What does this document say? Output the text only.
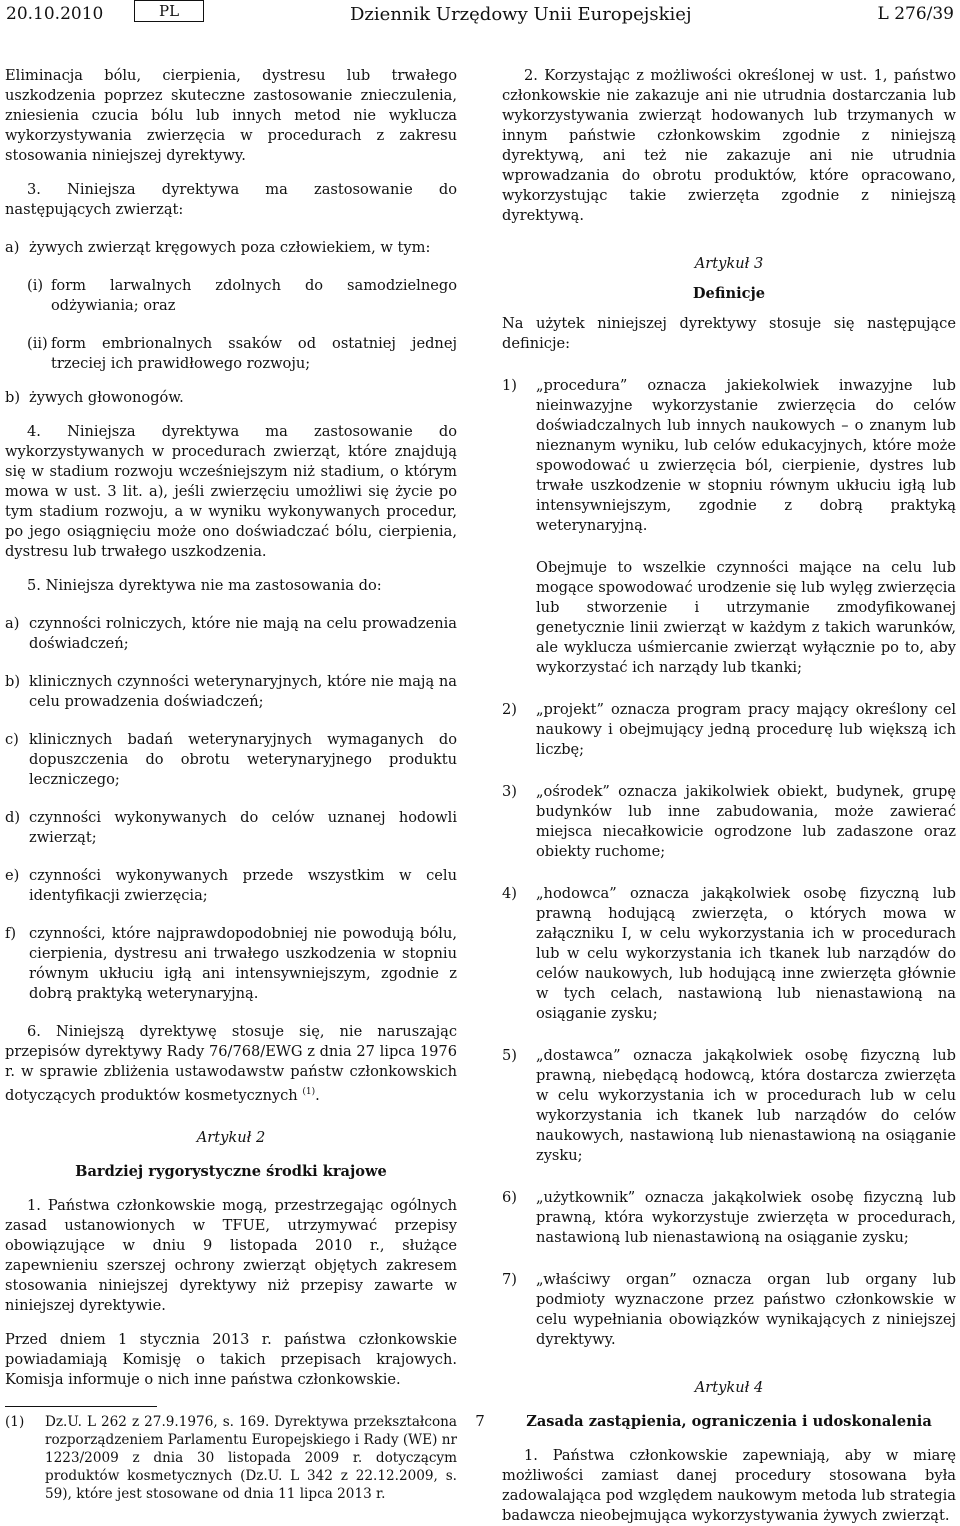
20.10.2010	PL	Dziennik Urzędowy Unii Europejskiej	L 276/39

Eliminacja bólu, cierpienia, dystresu lub trwałego uszkodzenia poprzez skuteczne zastosowanie znieczulenia, zniesienia czucia bólu lub innych metod nie wyklucza wykorzystywania zwierzęcia w procedurach z zakresu stosowania niniejszej dyrektywy.

3. Niniejsza dyrektywa ma zastosowanie do następujących zwierząt:

a) żywych zwierząt kręgowych poza człowiekiem, w tym:
(i) form larwalnych zdolnych do samodzielnego odżywiania; oraz
(ii) form embrionalnych ssaków od ostatniej jednej trzeciej ich prawidłowego rozwoju;
b) żywych głowonogów.

4. Niniejsza dyrektywa ma zastosowanie do wykorzystywanych w procedurach zwierząt, które znajdują się w stadium rozwoju wcześniejszym niż stadium, o którym mowa w ust. 3 lit. a), jeśli zwierzęciu umożliwi się życie po tym stadium rozwoju, a w wyniku wykonywanych procedur, po jego osiągnięciu może ono doświadczać bólu, cierpienia, dystresu lub trwałego uszkodzenia.

5. Niniejsza dyrektywa nie ma zastosowania do:

a) czynności rolniczych, które nie mają na celu prowadzenia doświadczeń;
b) klinicznych czynności weterynaryjnych, które nie mają na celu prowadzenia doświadczeń;
c) klinicznych badań weterynaryjnych wymaganych do dopuszczenia do obrotu weterynaryjnego produktu leczniczego;
d) czynności wykonywanych do celów uznanej hodowli zwierząt;
e) czynności wykonywanych przede wszystkim w celu identyfikacji zwierzęcia;
f) czynności, które najprawdopodobniej nie powodują bólu, cierpienia, dystresu ani trwałego uszkodzenia w stopniu równym ukłuciu igłą ani intensywniejszym, zgodnie z dobrą praktyką weterynaryjną.

6. Niniejszą dyrektywę stosuje się, nie naruszając przepisów dyrektywy Rady 76/768/EWG z dnia 27 lipca 1976 r. w sprawie zbliżenia ustawodawstw państw członkowskich dotyczących produktów kosmetycznych $^{(1)}$.

Artykuł 2

Bardziej rygorystyczne środki krajowe

1. Państwa członkowskie mogą, przestrzegając ogólnych zasad ustanowionych w TFUE, utrzymywać przepisy obowiązujące w dniu 9 listopada 2010 r., służące zapewnieniu szerszej ochrony zwierząt objętych zakresem stosowania niniejszej dyrektywy niż przepisy zawarte w niniejszej dyrektywie.

Przed dniem 1 stycznia 2013 r. państwa członkowskie powiadamiają Komisję o takich przepisach krajowych. Komisja informuje o nich inne państwa członkowskie.

(1)	Dz.U. L 262 z 27.9.1976, s. 169. Dyrektywa przekształcona rozporządzeniem Parlamentu Europejskiego i Rady (WE) nr 1223/2009 z dnia 30 listopada 2009 r. dotyczącym produktów kosmetycznych (Dz.U. L 342 z 22.12.2009, s. 59), które jest stosowane od dnia 11 lipca 2013 r.

2. Korzystając z możliwości określonej w ust. 1, państwo członkowskie nie zakazuje ani nie utrudnia dostarczania lub wykorzystywania zwierząt hodowanych lub trzymanych w innym państwie członkowskim zgodnie z niniejszą dyrektywą, ani też nie zakazuje ani nie utrudnia wprowadzania do obrotu produktów, które opracowano, wykorzystując takie zwierzęta zgodnie z niniejszą dyrektywą.

Artykuł 3

Definicje

Na użytek niniejszej dyrektywy stosuje się następujące definicje:

1)	„procedura” oznacza jakiekolwiek inwazyjne lub nieinwazyjne wykorzystanie zwierzęcia do celów doświadczalnych lub innych naukowych – o znanym lub nieznanym wyniku, lub celów edukacyjnych, które może spowodować u zwierzęcia ból, cierpienie, dystres lub trwałe uszkodzenie w stopniu równym ukłuciu igłą lub intensywniejszym, zgodnie z dobrą praktyką weterynaryjną.
Obejmuje to wszelkie czynności mające na celu lub mogące spowodować urodzenie się lub wylęg zwierzęcia lub stworzenie i utrzymanie zmodyfikowanej genetycznie linii zwierząt w każdym z takich warunków, ale wyklucza uśmiercanie zwierząt wyłącznie po to, aby wykorzystać ich narządy lub tkanki;
2)	„projekt” oznacza program pracy mający określony cel naukowy i obejmujący jedną procedurę lub większą ich liczbę;
3)	„ośrodek” oznacza jakikolwiek obiekt, budynek, grupę budynków lub inne zabudowania, może zawierać miejsca niecałkowicie ogrodzone lub zadaszone oraz obiekty ruchome;
4)	„hodowca” oznacza jakąkolwiek osobę fizyczną lub prawną hodującą zwierzęta, o których mowa w załączniku I, w celu wykorzystania ich w procedurach lub w celu wykorzystania ich tkanek lub narządów do celów naukowych, lub hodującą inne zwierzęta głównie w tych celach, nastawioną lub nienastawioną na osiąganie zysku;
5)	„dostawca” oznacza jakąkolwiek osobę fizyczną lub prawną, niebędącą hodowcą, która dostarcza zwierzęta w celu wykorzystania ich w procedurach lub w celu wykorzystania ich tkanek lub narządów do celów naukowych, nastawioną lub nienastawioną na osiąganie zysku;
6)	„użytkownik” oznacza jakąkolwiek osobę fizyczną lub prawną, która wykorzystuje zwierzęta w procedurach, nastawioną lub nienastawioną na osiąganie zysku;
7)	„właściwy organ” oznacza organ lub organy lub podmioty wyznaczone przez państwo członkowskie w celu wypełniania obowiązków wynikających z niniejszej dyrektywy.

Artykuł 4

Zasada zastąpienia, ograniczenia i udoskonalenia

1. Państwa członkowskie zapewniają, aby w miarę możliwości zamiast danej procedury stosowana była zadowalająca pod względem naukowym metoda lub strategia badawcza nieobejmująca wykorzystywania żywych zwierząt.

7
